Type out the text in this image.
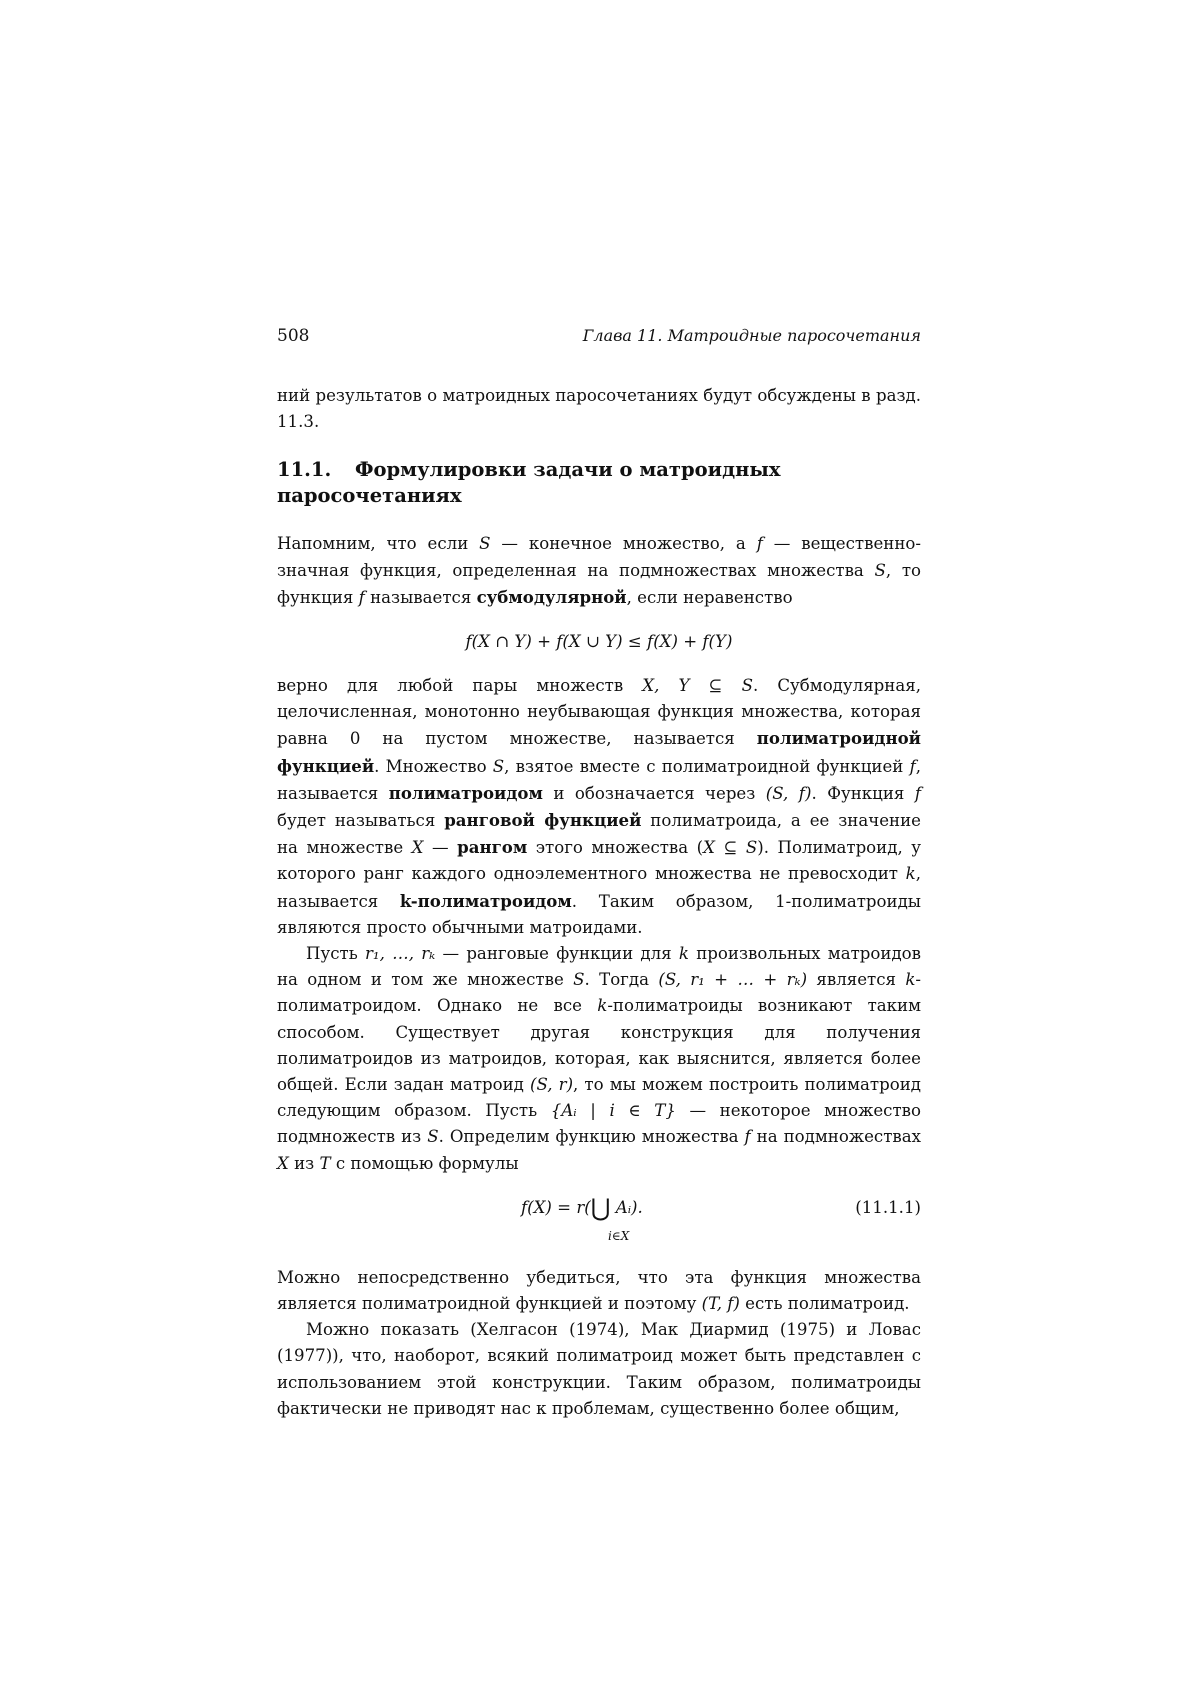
508	Глава 11. Матроидные паросочетания

ний результатов о матроидных паросочетаниях будут обсуждены в разд. 11.3.

11.1. Формулировки задачи о матроидных паросочетаниях

Напомним, что если S — конечное множество, а f — вещественно-значная функция, определенная на подмножествах множества S, то функция f называется субмодулярной, если неравенство

f(X ∩ Y) + f(X ∪ Y) ≤ f(X) + f(Y)

верно для любой пары множеств X, Y ⊆ S. Субмодулярная, целочисленная, монотонно неубывающая функция множества, которая равна 0 на пустом множестве, называется полиматроидной функцией. Множество S, взятое вместе с полиматроидной функцией f, называется полиматроидом и обозначается через (S, f). Функция f будет называться ранговой функцией полиматроида, а ее значение на множестве X — рангом этого множества (X ⊆ S). Полиматроид, у которого ранг каждого одноэлементного множества не превосходит k, называется k-полиматроидом. Таким образом, 1-полиматроиды являются просто обычными матроидами.

Пусть r₁, …, rₖ — ранговые функции для k произвольных матроидов на одном и том же множестве S. Тогда (S, r₁ + … + rₖ) является k-полиматроидом. Однако не все k-полиматроиды возникают таким способом. Существует другая конструкция для получения полиматроидов из матроидов, которая, как выяснится, является более общей. Если задан матроид (S, r), то мы можем построить полиматроид следующим образом. Пусть {Aᵢ | i ∈ T} — некоторое множество подмножеств из S. Определим функцию множества f на подмножествах X из T с помощью формулы

f(X) = r(⋃ Aᵢ).
i∈X
(11.1.1)

Можно непосредственно убедиться, что эта функция множества является полиматроидной функцией и поэтому (T, f) есть полиматроид.

Можно показать (Хелгасон (1974), Мак Диармид (1975) и Ловас (1977)), что, наоборот, всякий полиматроид может быть представлен с использованием этой конструкции. Таким образом, полиматроиды фактически не приводят нас к проблемам, существенно более общим,
